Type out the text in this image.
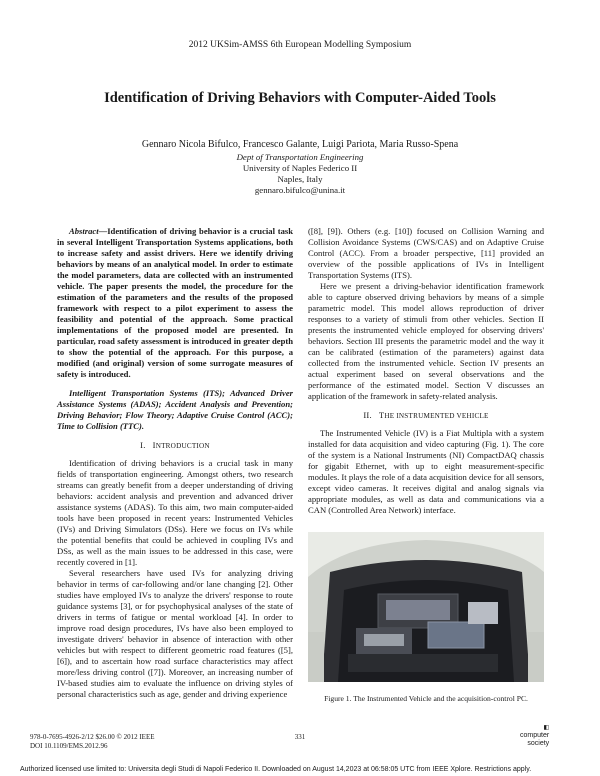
2012 UKSim-AMSS 6th European Modelling Symposium
Identification of Driving Behaviors with Computer-Aided Tools
Gennaro Nicola Bifulco, Francesco Galante, Luigi Pariota, Maria Russo-Spena
Dept of Transportation Engineering
University of Naples Federico II
Naples, Italy
gennaro.bifulco@unina.it

Abstract—Identification of driving behavior is a crucial task in several Intelligent Transportation Systems applications, both to increase safety and assist drivers. Here we identify driving behaviors by means of an analytical model. In order to estimate the model parameters, data are collected with an instrumented vehicle. The paper presents the model, the procedure for the estimation of the parameters and the results of the proposed framework with respect to a pilot experiment to assess the feasibility and potential of the approach. Some practical implementations of the proposed model are presented. In particular, road safety assessment is introduced in greater depth to show the potential of the approach. For this purpose, a modified (and original) version of some surrogate measures of safety is introduced.

Intelligent Transportation Systems (ITS); Advanced Driver Assistance Systems (ADAS); Accident Analysis and Prevention; Driving Behavior; Flow Theory; Adaptive Cruise Control (ACC); Time to Collision (TTC).

I. INTRODUCTION

Identification of driving behaviors is a crucial task in many fields of transportation engineering. Amongst others, two research streams can greatly benefit from a deeper understanding of driving behaviors: accident analysis and prevention and advanced driver assistance systems (ADAS). To this aim, two main computer-aided tools have been proposed in recent years: Instrumented Vehicles (IVs) and Driving Simulators (DSs). Here we focus on IVs while the potential benefits that could be achieved in coupling IVs and DSs, as well as the main issues to be addressed in this case, were recently covered in [1].

Several researchers have used IVs for analyzing driving behavior in terms of car-following and/or lane changing [2]. Other studies have employed IVs to analyze the drivers' response to route guidance systems [3], or for psychophysical analyses of the state of drivers in terms of fatigue or mental workload [4]. In order to improve road design procedures, IVs have also been employed to investigate drivers' behavior in absence of interaction with other vehicles but with respect to different geometric road features ([5], [6]), and to ascertain how road surface characteristics may affect more/less driving control ([7]). Moreover, an increasing number of IV-based studies aim to evaluate the influence on driving styles of personal characteristics such as age, gender and driving experience

([8], [9]). Others (e.g. [10]) focused on Collision Warning and Collision Avoidance Systems (CWS/CAS) and on Adaptive Cruise Control (ACC). From a broader perspective, [11] provided an overview of the possible applications of IVs in Intelligent Transportation Systems (ITS).

Here we present a driving-behavior identification framework able to capture observed driving behaviors by means of a simple parametric model. This model allows reproduction of driver responses to a variety of stimuli from other vehicles. Section II presents the instrumented vehicle employed for observing drivers' behaviors. Section III presents the parametric model and the way it can be calibrated (estimation of the parameters) against data collected from the instrumented vehicle. Section IV presents an actual experiment based on several observations and the performance of the estimated model. Section V discusses an application of the framework in safety-related analysis.

II. THE INSTRUMENTED VEHICLE

The Instrumented Vehicle (IV) is a Fiat Multipla with a system installed for data acquisition and video capturing (Fig. 1). The core of the system is a National Instruments (NI) CompactDAQ chassis for gigabit Ethernet, with up to eight measurement-specific modules. It plays the role of a data acquisition device for all sensors, except video cameras. It receives digital and analog signals via appropriate modules, as well as data and communications via a CAN (Controlled Area Network) interface.

Figure 1. The Instrumented Vehicle and the acquisition-control PC.
978-0-7695-4926-2/12 $26.00 © 2012 IEEE
DOI 10.1109/EMS.2012.96
331
◧
computer
society
Authorized licensed use limited to: Universita degli Studi di Napoli Federico II. Downloaded on August 14,2023 at 06:58:05 UTC from IEEE Xplore. Restrictions apply.
